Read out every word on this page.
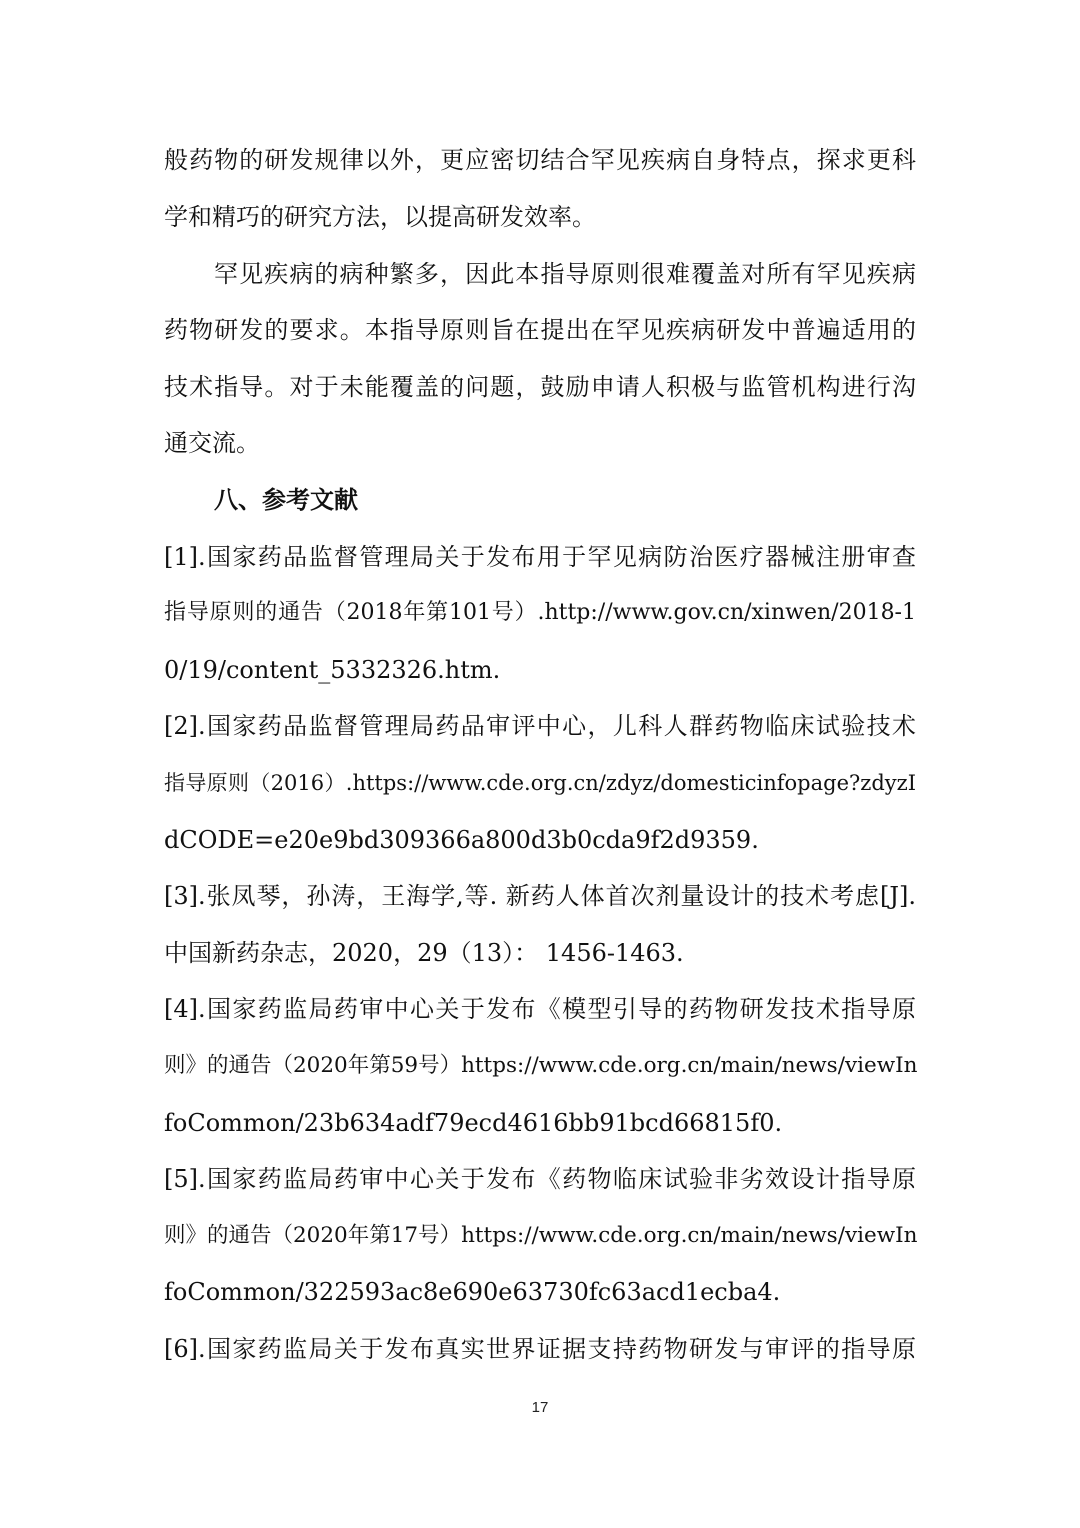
般药物的研发规律以外，更应密切结合罕见疾病自身特点，探求更科
学和精巧的研究方法，以提高研发效率。
罕见疾病的病种繁多，因此本指导原则很难覆盖对所有罕见疾病
药物研发的要求。本指导原则旨在提出在罕见疾病研发中普遍适用的
技术指导。对于未能覆盖的问题，鼓励申请人积极与监管机构进行沟
通交流。
八、参考文献
[1].国家药品监督管理局关于发布用于罕见病防治医疗器械注册审查
指导原则的通告（2018年第101号）.http://www.gov.cn/xinwen/2018-1
0/19/content_5332326.htm.
[2].国家药品监督管理局药品审评中心，儿科人群药物临床试验技术
指导原则（2016）.https://www.cde.org.cn/zdyz/domesticinfopage?zdyzI
dCODE=e20e9bd309366a800d3b0cda9f2d9359.
[3].张凤琴，孙涛，王海学,等. 新药人体首次剂量设计的技术考虑[J].
中国新药杂志，2020，29（13）： 1456-1463.
[4].国家药监局药审中心关于发布《模型引导的药物研发技术指导原
则》的通告（2020年第59号）https://www.cde.org.cn/main/news/viewIn
foCommon/23b634adf79ecd4616bb91bcd66815f0.
[5].国家药监局药审中心关于发布《药物临床试验非劣效设计指导原
则》的通告（2020年第17号）https://www.cde.org.cn/main/news/viewIn
foCommon/322593ac8e690e63730fc63acd1ecba4.
[6].国家药监局关于发布真实世界证据支持药物研发与审评的指导原
17
